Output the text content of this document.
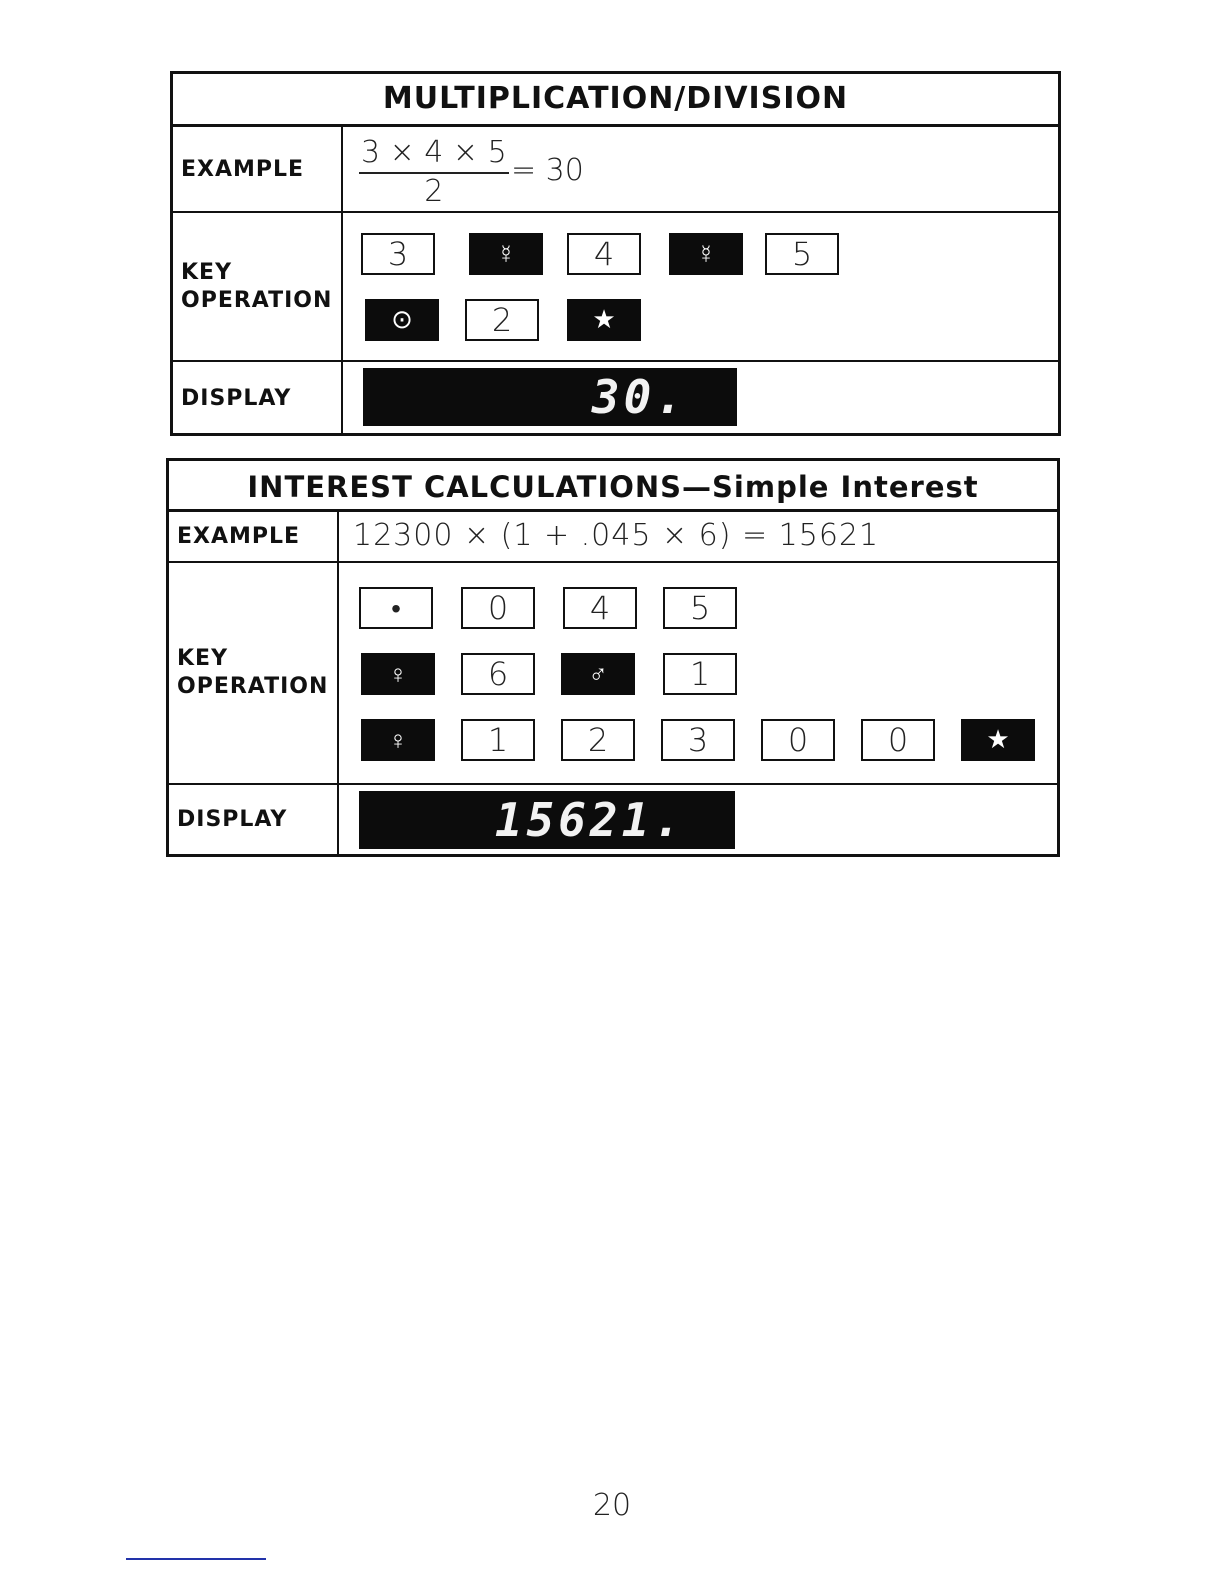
MULTIPLICATION/DIVISION
EXAMPLE	$\frac{3 \times 4 \times 5}{2} = 30$
KEY
OPERATION
3	☿	4	☿	5
⊙	2	★
DISPLAY	30.
INTEREST CALCULATIONS—Simple Interest
EXAMPLE	12300 × (1 + .045 × 6) = 15621
KEY
OPERATION
•	0	4	5
♀	6	♂	1
♀	1	2	3	0	0	★
DISPLAY	15621.
20
